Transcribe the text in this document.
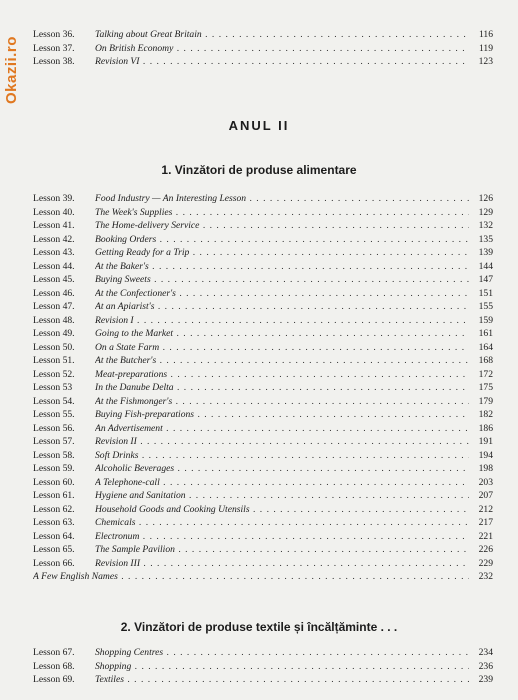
Okazii.ro
Lesson 36. Talking about Great Britain . . .	116
Lesson 37. On British Economy . . .	119
Lesson 38. Revision VI . . .	123
ANUL II
1. Vinzători de produse alimentare
Lesson 39. Food Industry — An Interesting Lesson . . .	126
Lesson 40. The Week's Supplies . . .	129
Lesson 41. The Home-delivery Service . . .	132
Lesson 42. Booking Orders . . .	135
Lesson 43. Getting Ready for a Trip . . .	139
Lesson 44. At the Baker's . . .	144
Lesson 45. Buying Sweets . . .	147
Lesson 46. At the Confectioner's . . .	151
Lesson 47. At an Apiarist's . . .	155
Lesson 48. Revision I . . .	159
Lesson 49. Going to the Market . . .	161
Lesson 50. On a State Farm . . .	164
Lesson 51. At the Butcher's . . .	168
Lesson 52. Meat-preparations . . .	172
Lesson 53 In the Danube Delta . . .	175
Lesson 54. At the Fishmonger's . . .	179
Lesson 55. Buying Fish-preparations . . .	182
Lesson 56. An Advertisement . . .	186
Lesson 57. Revision II . . .	191
Lesson 58. Soft Drinks . . .	194
Lesson 59. Alcoholic Beverages . . .	198
Lesson 60. A Telephone-call . . .	203
Lesson 61. Hygiene and Sanitation . . .	207
Lesson 62. Household Goods and Cooking Utensils . . .	212
Lesson 63. Chemicals . . .	217
Lesson 64. Electronum . . .	221
Lesson 65. The Sample Pavilion . . .	226
Lesson 66. Revision III . . .	229
A Few English Names . . .	232
2. Vinzători de produse textile și încălțăminte . . .
Lesson 67. Shopping Centres . . .	234
Lesson 68. Shopping . . .	236
Lesson 69. Textiles . . .	239
